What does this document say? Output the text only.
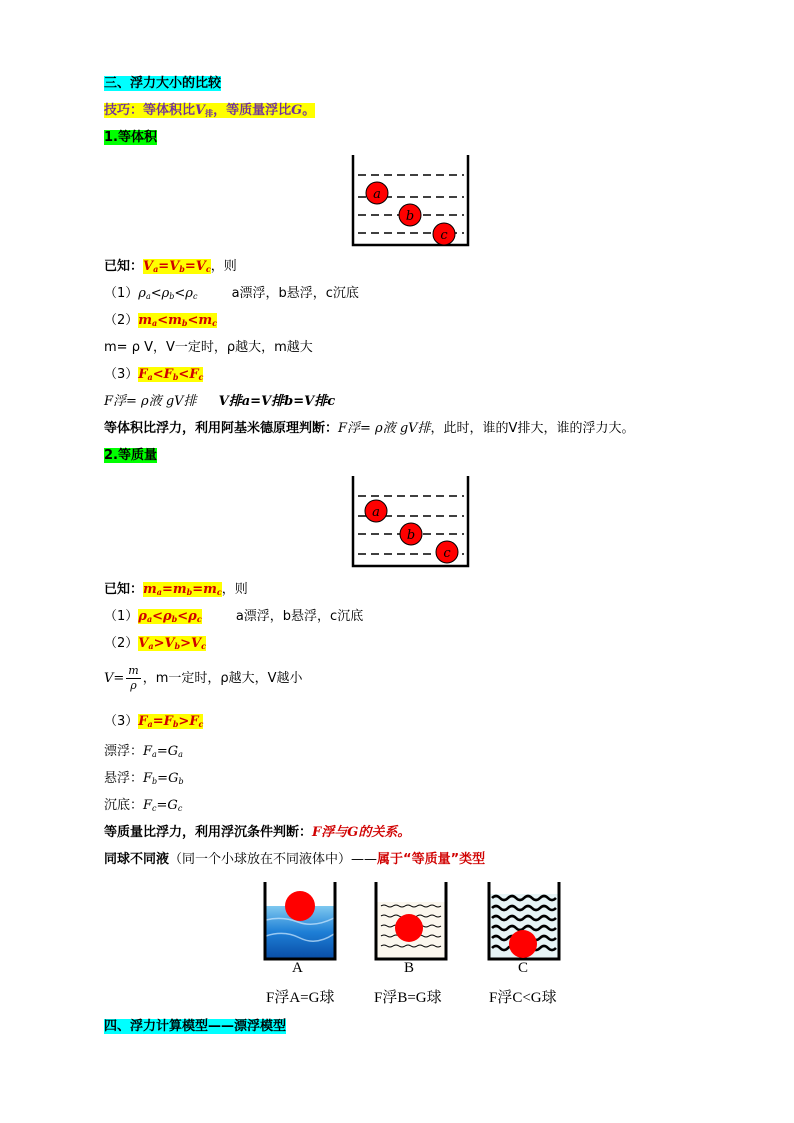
三、浮力大小的比较
技巧：等体积比$V_排$，等质量浮比G。
1.等体积
a
b
c
已知：$V_a=V_b=V_c$，则
$(1)\rho_a<\rho_b<\rho_c$	a漂浮，b悬浮，c沉底
$(2)m_a<m_b<m_c$
m= ρ V，V一定时，ρ越大，m越大
$(3)F_a<F_b<F_c$
F浮= ρ液 gV排 V排a=V排b=V排c
等体积比浮力，利用阿基米德原理判断：F浮= ρ液 gV排，此时，谁的V排大，谁的浮力大。
2.等质量
a
b
c
已知：$m_a=m_b=m_c$，则
$(1)\rho_a<\rho_b<\rho_c$	a漂浮，b悬浮，c沉底
$(2)V_a>V_b>V_c$
$V= \frac{m}{\rho}$ ，m一定时，ρ越大，V越小
$(3)F_a=F_b>F_c$
漂浮：$F_a=G_a$
悬浮：$F_b=G_b$
沉底：$F_c=G_c$
等质量比浮力，利用浮沉条件判断：F浮与G的关系。
同球不同液（同一个小球放在不同液体中）——属于“等质量”类型
A
F浮A=G球
B
F浮B=G球
C
F浮C<G球
四、浮力计算模型——漂浮模型
